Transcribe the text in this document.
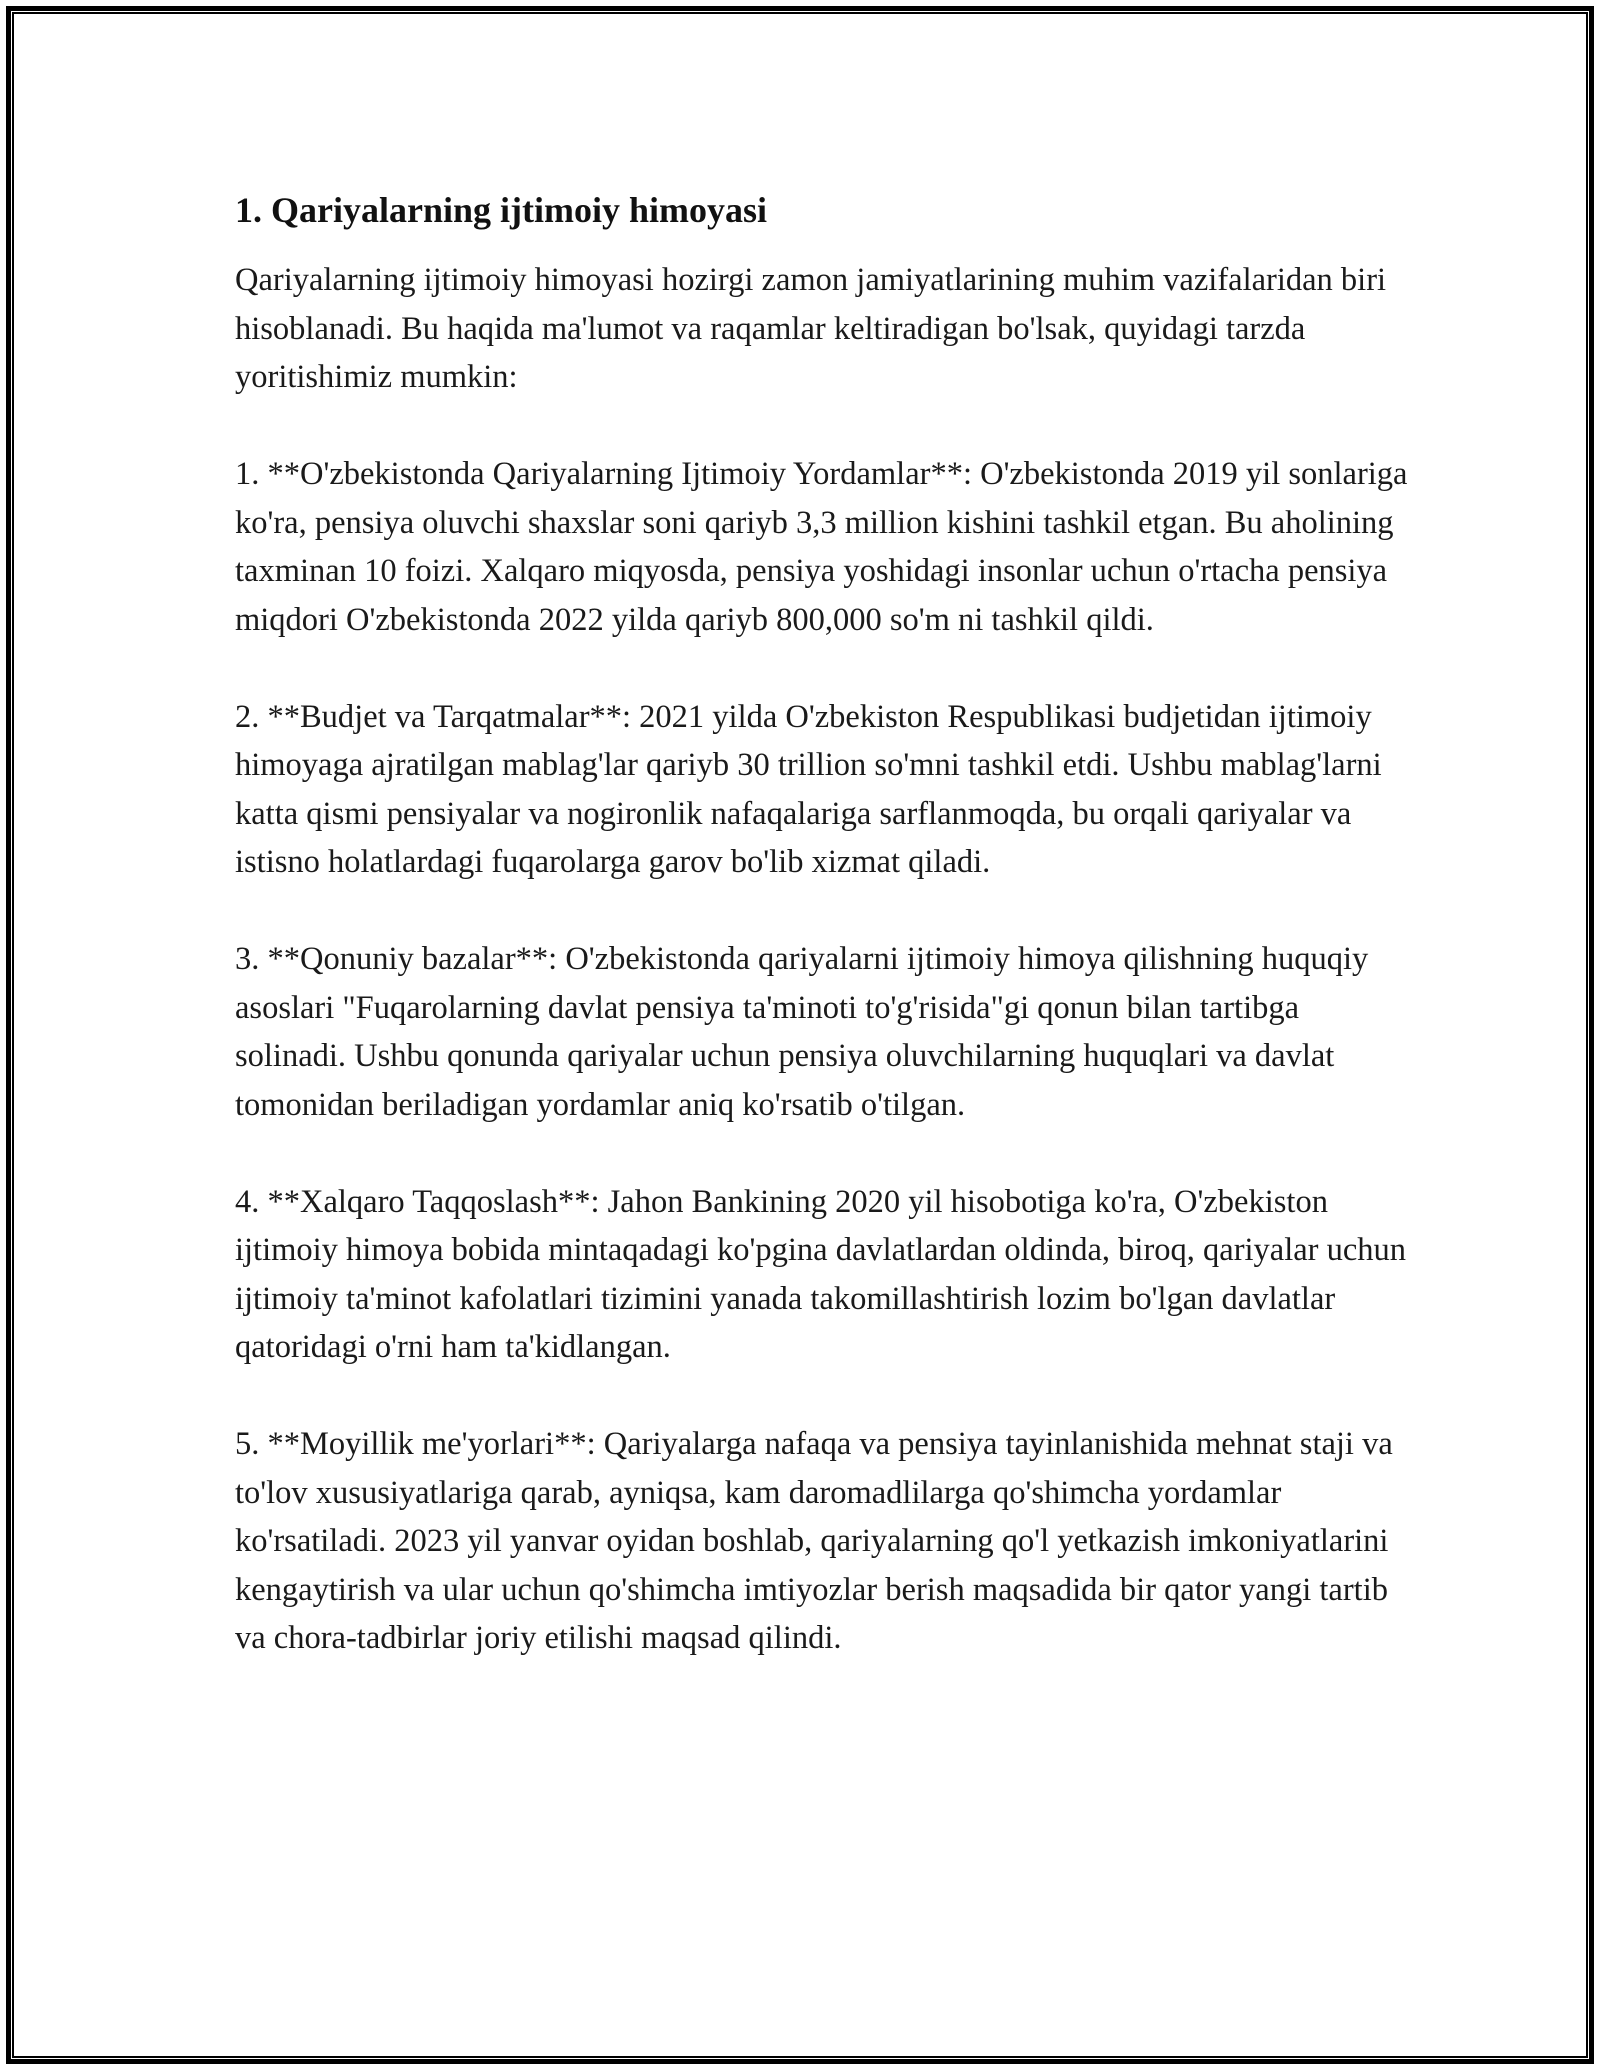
1. Qariyalarning ijtimoiy himoyasi

Qariyalarning ijtimoiy himoyasi hozirgi zamon jamiyatlarining muhim vazifalaridan biri hisoblanadi. Bu haqida ma'lumot va raqamlar keltiradigan bo'lsak, quyidagi tarzda yoritishimiz mumkin:

1. **O'zbekistonda Qariyalarning Ijtimoiy Yordamlar**: O'zbekistonda 2019 yil sonlariga ko'ra, pensiya oluvchi shaxslar soni qariyb 3,3 million kishini tashkil etgan. Bu aholining taxminan 10 foizi. Xalqaro miqyosda, pensiya yoshidagi insonlar uchun o'rtacha pensiya miqdori O'zbekistonda 2022 yilda qariyb 800,000 so'm ni tashkil qildi.

2. **Budjet va Tarqatmalar**: 2021 yilda O'zbekiston Respublikasi budjetidan ijtimoiy himoyaga ajratilgan mablag'lar qariyb 30 trillion so'mni tashkil etdi. Ushbu mablag'larni katta qismi pensiyalar va nogironlik nafaqalariga sarflanmoqda, bu orqali qariyalar va istisno holatlardagi fuqarolarga garov bo'lib xizmat qiladi.

3. **Qonuniy bazalar**: O'zbekistonda qariyalarni ijtimoiy himoya qilishning huquqiy asoslari "Fuqarolarning davlat pensiya ta'minoti to'g'risida"gi qonun bilan tartibga solinadi. Ushbu qonunda qariyalar uchun pensiya oluvchilarning huquqlari va davlat tomonidan beriladigan yordamlar aniq ko'rsatib o'tilgan.

4. **Xalqaro Taqqoslash**: Jahon Bankining 2020 yil hisobotiga ko'ra, O'zbekiston ijtimoiy himoya bobida mintaqadagi ko'pgina davlatlardan oldinda, biroq, qariyalar uchun ijtimoiy ta'minot kafolatlari tizimini yanada takomillashtirish lozim bo'lgan davlatlar qatoridagi o'rni ham ta'kidlangan.

5. **Moyillik me'yorlari**: Qariyalarga nafaqa va pensiya tayinlanishida mehnat staji va to'lov xususiyatlariga qarab, ayniqsa, kam daromadlilarga qo'shimcha yordamlar ko'rsatiladi. 2023 yil yanvar oyidan boshlab, qariyalarning qo'l yetkazish imkoniyatlarini kengaytirish va ular uchun qo'shimcha imtiyozlar berish maqsadida bir qator yangi tartib va chora-tadbirlar joriy etilishi maqsad qilindi.
